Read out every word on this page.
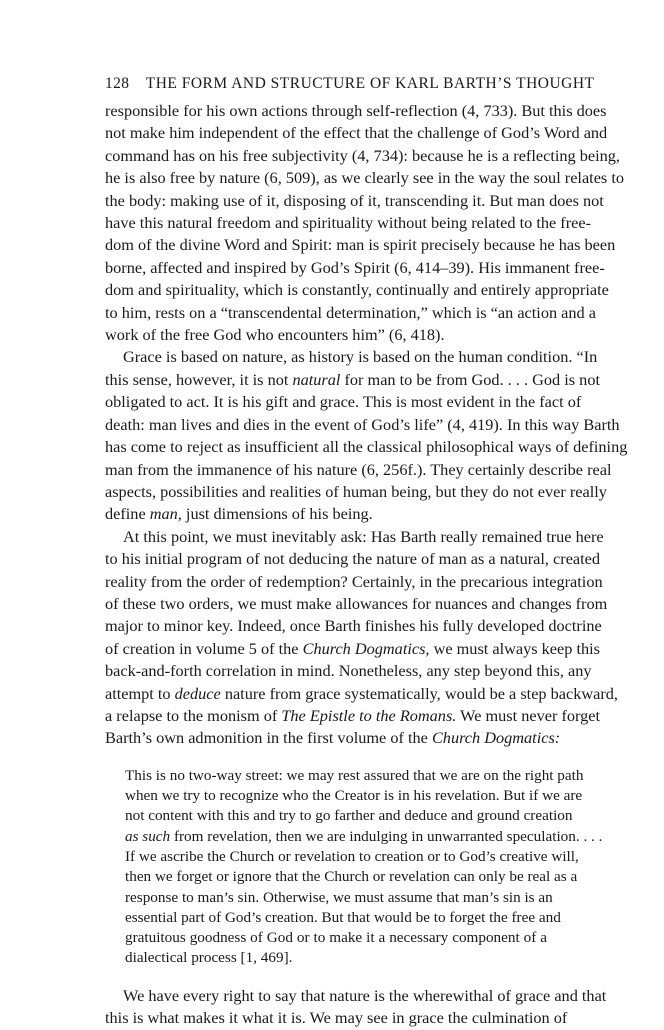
128 THE FORM AND STRUCTURE OF KARL BARTH’S THOUGHT

responsible for his own actions through self-reflection (4, 733). But this does
not make him independent of the effect that the challenge of God’s Word and
command has on his free subjectivity (4, 734): because he is a reflecting being,
he is also free by nature (6, 509), as we clearly see in the way the soul relates to
the body: making use of it, disposing of it, transcending it. But man does not
have this natural freedom and spirituality without being related to the free-
dom of the divine Word and Spirit: man is spirit precisely because he has been
borne, affected and inspired by God’s Spirit (6, 414–39). His immanent free-
dom and spirituality, which is constantly, continually and entirely appropriate
to him, rests on a “transcendental determination,” which is “an action and a
work of the free God who encounters him” (6, 418).

Grace is based on nature, as history is based on the human condition. “In
this sense, however, it is not natural for man to be from God. . . . God is not
obligated to act. It is his gift and grace. This is most evident in the fact of
death: man lives and dies in the event of God’s life” (4, 419). In this way Barth
has come to reject as insufficient all the classical philosophical ways of defining
man from the immanence of his nature (6, 256f.). They certainly describe real
aspects, possibilities and realities of human being, but they do not ever really
define man, just dimensions of his being.

At this point, we must inevitably ask: Has Barth really remained true here
to his initial program of not deducing the nature of man as a natural, created
reality from the order of redemption? Certainly, in the precarious integration
of these two orders, we must make allowances for nuances and changes from
major to minor key. Indeed, once Barth finishes his fully developed doctrine
of creation in volume 5 of the Church Dogmatics, we must always keep this
back-and-forth correlation in mind. Nonetheless, any step beyond this, any
attempt to deduce nature from grace systematically, would be a step backward,
a relapse to the monism of The Epistle to the Romans. We must never forget
Barth’s own admonition in the first volume of the Church Dogmatics:

This is no two-way street: we may rest assured that we are on the right path
when we try to recognize who the Creator is in his revelation. But if we are
not content with this and try to go farther and deduce and ground creation
as such from revelation, then we are indulging in unwarranted speculation. . . .
If we ascribe the Church or revelation to creation or to God’s creative will,
then we forget or ignore that the Church or revelation can only be real as a
response to man’s sin. Otherwise, we must assume that man’s sin is an
essential part of God’s creation. But that would be to forget the free and
gratuitous goodness of God or to make it a necessary component of a
dialectical process [1, 469].

We have every right to say that nature is the wherewithal of grace and that
this is what makes it what it is. We may see in grace the culmination of
